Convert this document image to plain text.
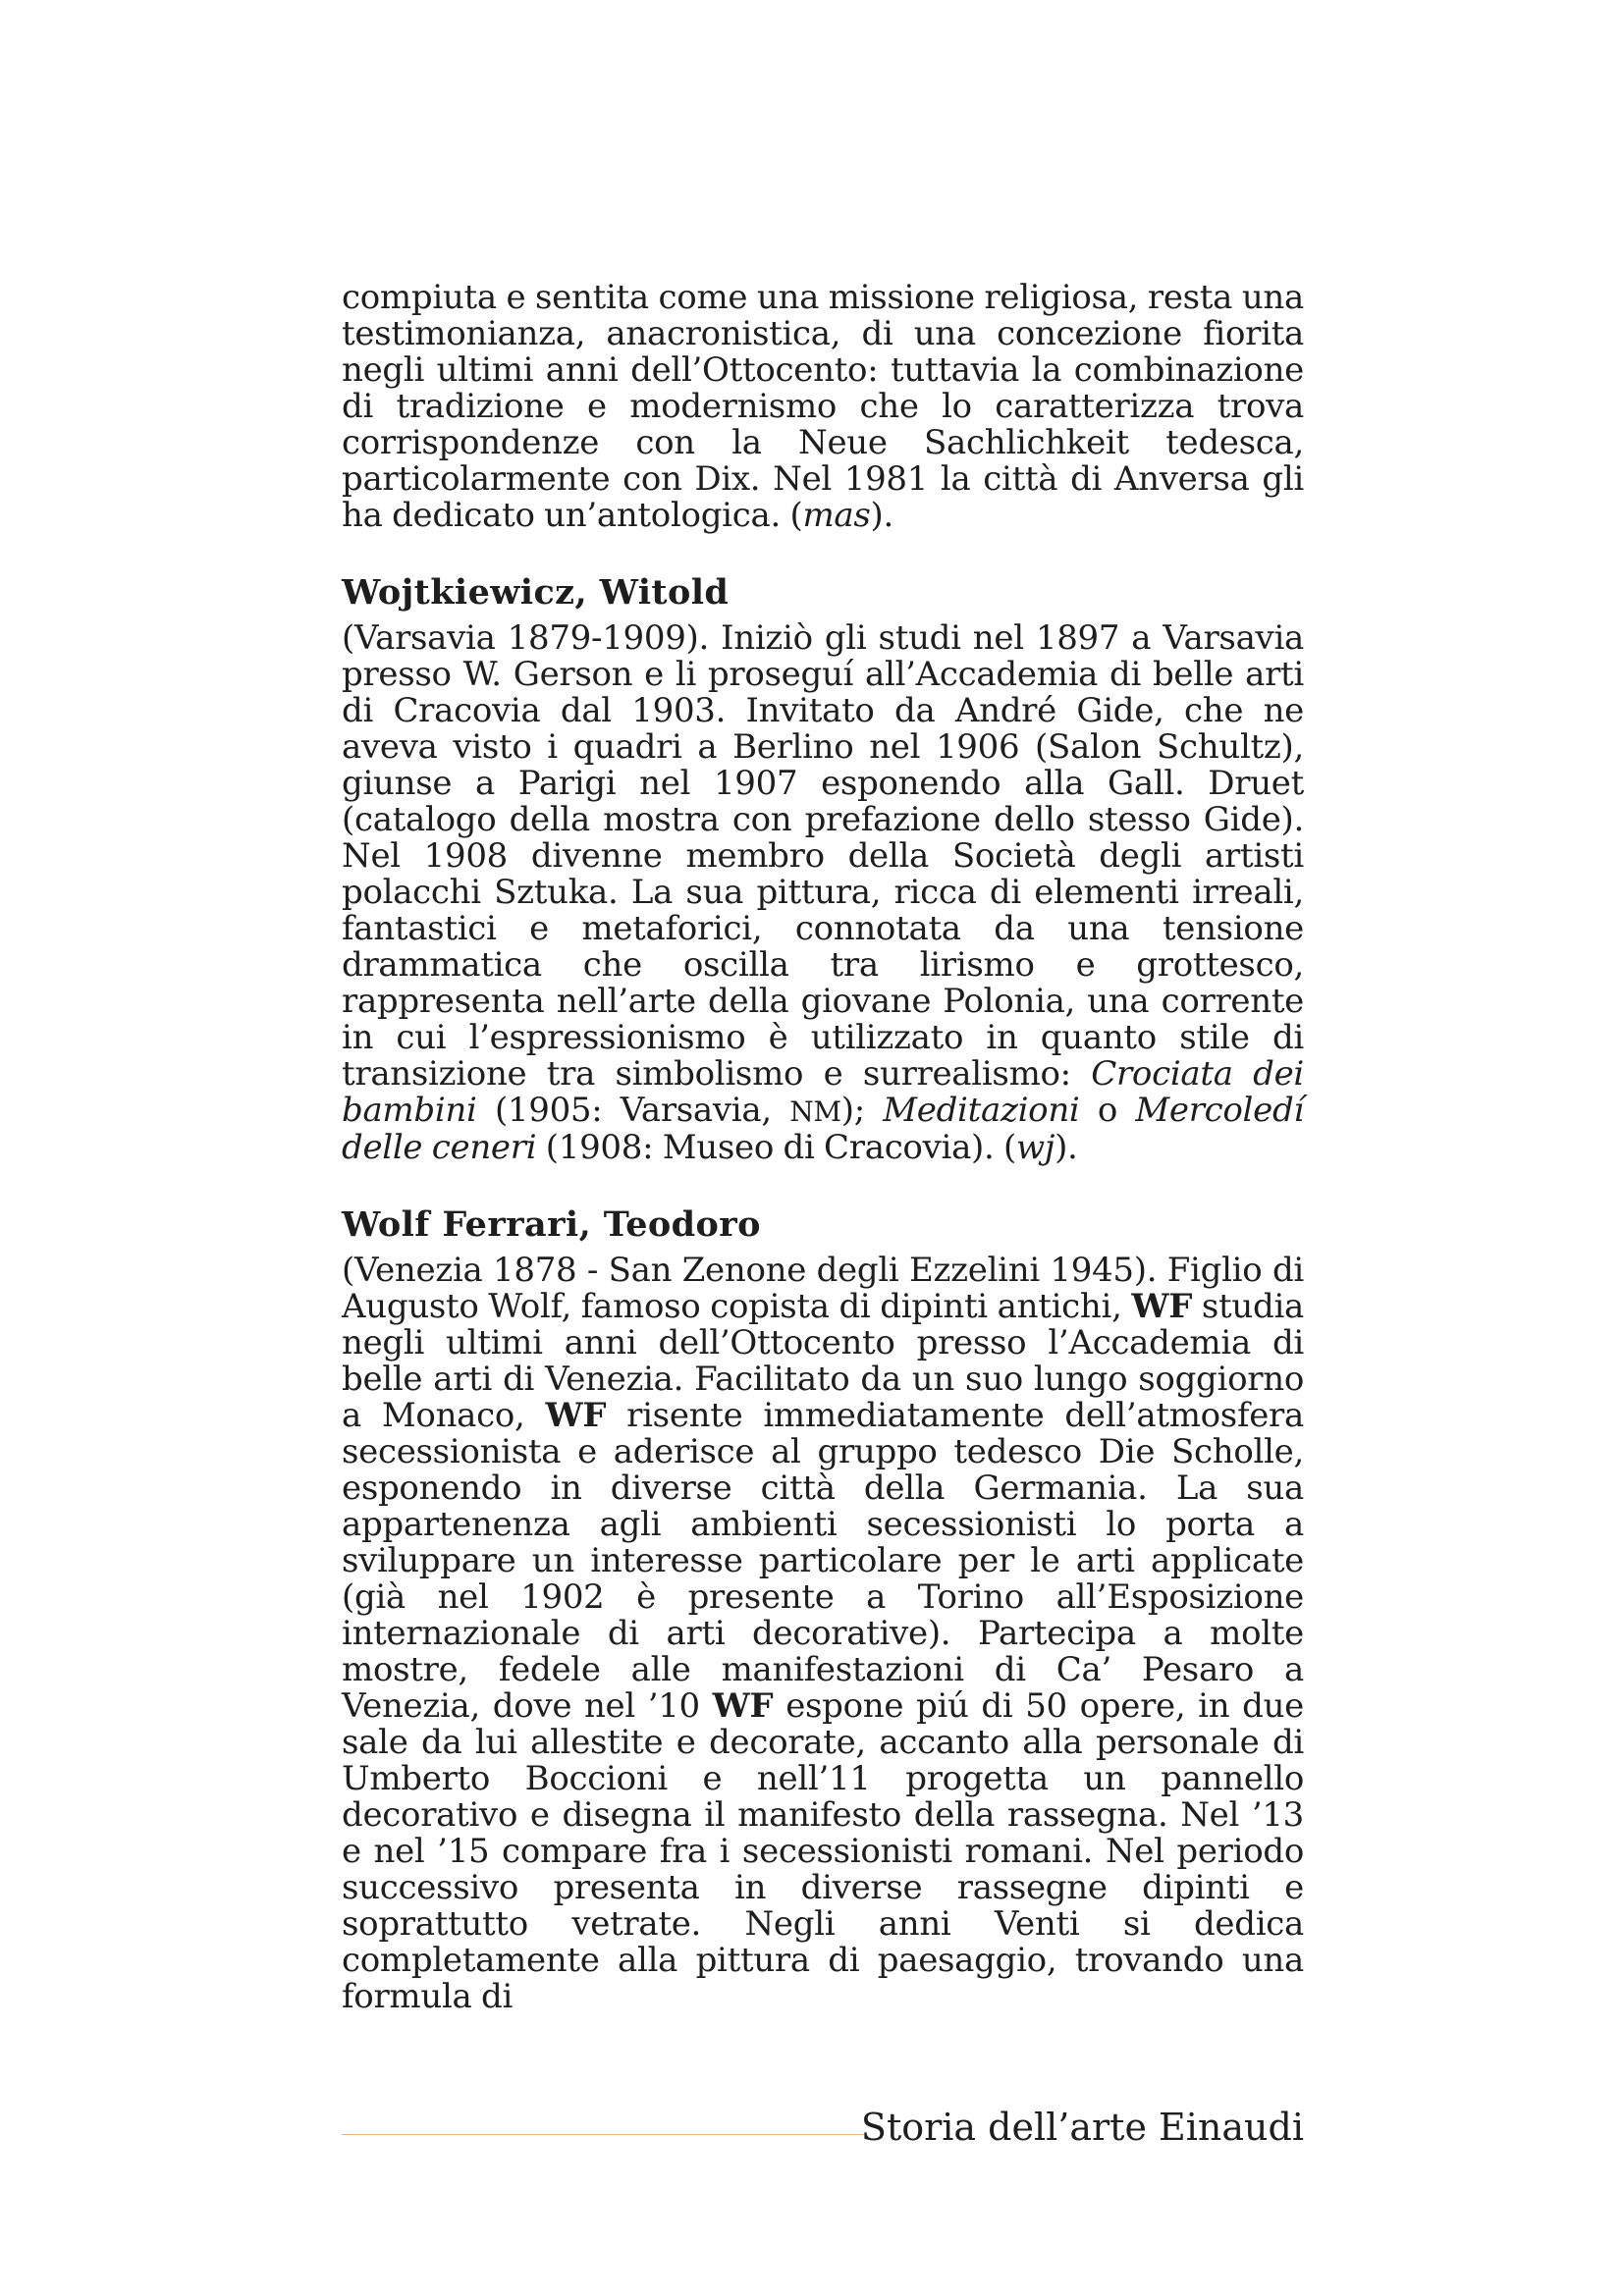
compiuta e sentita come una missione religiosa, resta una testimonianza, anacronistica, di una concezione fiorita negli ultimi anni dell’Ottocento: tuttavia la combinazione di tradizione e modernismo che lo caratterizza trova corrispondenze con la Neue Sachlichkeit tedesca, particolarmente con Dix. Nel 1981 la città di Anversa gli ha dedicato un’antologica. (mas).

Wojtkiewicz, Witold

(Varsavia 1879-1909). Iniziò gli studi nel 1897 a Varsavia presso W. Gerson e li proseguí all’Accademia di belle arti di Cracovia dal 1903. Invitato da André Gide, che ne aveva visto i quadri a Berlino nel 1906 (Salon Schultz), giunse a Parigi nel 1907 esponendo alla Gall. Druet (catalogo della mostra con prefazione dello stesso Gide). Nel 1908 divenne membro della Società degli artisti polacchi Sztuka. La sua pittura, ricca di elementi irreali, fantastici e metaforici, connotata da una tensione drammatica che oscilla tra lirismo e grottesco, rappresenta nell’arte della giovane Polonia, una corrente in cui l’espressionismo è utilizzato in quanto stile di transizione tra simbolismo e surrealismo: Crociata dei bambini (1905: Varsavia, NM); Meditazioni o Mercoledí delle ceneri (1908: Museo di Cracovia). (wj).

Wolf Ferrari, Teodoro

(Venezia 1878 - San Zenone degli Ezzelini 1945). Figlio di Augusto Wolf, famoso copista di dipinti antichi, WF studia negli ultimi anni dell’Ottocento presso l’Accademia di belle arti di Venezia. Facilitato da un suo lungo soggiorno a Monaco, WF risente immediatamente dell’atmosfera secessionista e aderisce al gruppo tedesco Die Scholle, esponendo in diverse città della Germania. La sua appartenenza agli ambienti secessionisti lo porta a sviluppare un interesse particolare per le arti applicate (già nel 1902 è presente a Torino all’Esposizione internazionale di arti decorative). Partecipa a molte mostre, fedele alle manifestazioni di Ca’ Pesaro a Venezia, dove nel ’10 WF espone piú di 50 opere, in due sale da lui allestite e decorate, accanto alla personale di Umberto Boccioni e nell’11 progetta un pannello decorativo e disegna il manifesto della rassegna. Nel ’13 e nel ’15 compare fra i secessionisti romani. Nel periodo successivo presenta in diverse rassegne dipinti e soprattutto vetrate. Negli anni Venti si dedica completamente alla pittura di paesaggio, trovando una formula di

Storia dell’arte Einaudi
